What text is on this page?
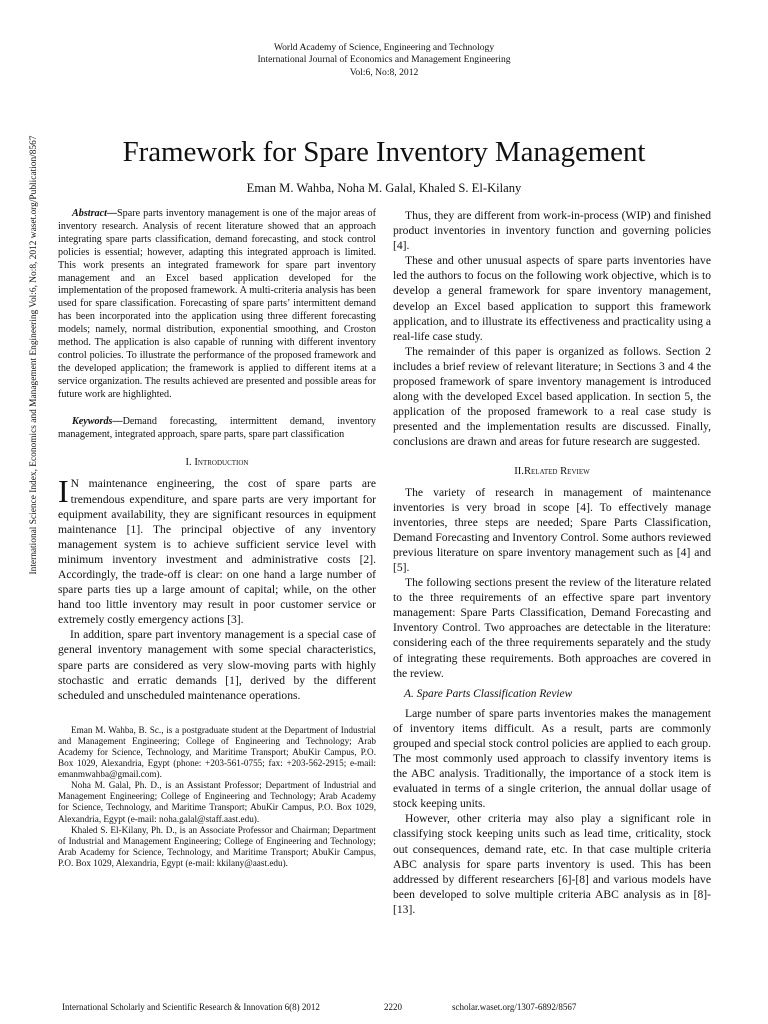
World Academy of Science, Engineering and Technology
International Journal of Economics and Management Engineering
Vol:6, No:8, 2012
Framework for Spare Inventory Management
Eman M. Wahba, Noha M. Galal, Khaled S. El-Kilany
International Science Index, Economics and Management Engineering Vol:6, No:8, 2012 waset.org/Publication/8567	Abstract—Spare parts inventory management is one of the major areas of inventory research. Analysis of recent literature showed that an approach integrating spare parts classification, demand forecasting, and stock control policies is essential; however, adapting this integrated approach is limited. This work presents an integrated framework for spare part inventory management and an Excel based application developed for the implementation of the proposed framework. A multi-criteria analysis has been used for spare classification. Forecasting of spare parts’ intermittent demand has been incorporated into the application using three different forecasting models; namely, normal distribution, exponential smoothing, and Croston method. The application is also capable of running with different inventory control policies. To illustrate the performance of the proposed framework and the developed application; the framework is applied to different items at a service organization. The results achieved are presented and possible areas for future work are highlighted.

Keywords—Demand forecasting, intermittent demand, inventory management, integrated approach, spare parts, spare part classification

I. Introduction

I N maintenance engineering, the cost of spare parts are tremendous expenditure, and spare parts are very important for equipment availability, they are significant resources in equipment maintenance [1]. The principal objective of any inventory management system is to achieve sufficient service level with minimum inventory investment and administrative costs [2]. Accordingly, the trade-off is clear: on one hand a large number of spare parts ties up a large amount of capital; while, on the other hand too little inventory may result in poor customer service or extremely costly emergency actions [3].

In addition, spare part inventory management is a special case of general inventory management with some special characteristics, spare parts are considered as very slow-moving parts with highly stochastic and erratic demands [1], derived by the different scheduled and unscheduled maintenance operations.

Eman M. Wahba, B. Sc., is a postgraduate student at the Department of Industrial and Management Engineering; College of Engineering and Technology; Arab Academy for Science, Technology, and Maritime Transport; AbuKir Campus, P.O. Box 1029, Alexandria, Egypt (phone: +203-561-0755; fax: +203-562-2915; e-mail: emanmwahba@gmail.com).

Noha M. Galal, Ph. D., is an Assistant Professor; Department of Industrial and Management Engineering; College of Engineering and Technology; Arab Academy for Science, Technology, and Maritime Transport; AbuKir Campus, P.O. Box 1029, Alexandria, Egypt (e-mail: noha.galal@staff.aast.edu).

Khaled S. El-Kilany, Ph. D., is an Associate Professor and Chairman; Department of Industrial and Management Engineering; College of Engineering and Technology; Arab Academy for Science, Technology, and Maritime Transport; AbuKir Campus, P.O. Box 1029, Alexandria, Egypt (e-mail: kkilany@aast.edu).

Thus, they are different from work-in-process (WIP) and finished product inventories in inventory function and governing policies [4].

These and other unusual aspects of spare parts inventories have led the authors to focus on the following work objective, which is to develop a general framework for spare inventory management, develop an Excel based application to support this framework application, and to illustrate its effectiveness and practicality using a real-life case study.

The remainder of this paper is organized as follows. Section 2 includes a brief review of relevant literature; in Sections 3 and 4 the proposed framework of spare inventory management is introduced along with the developed Excel based application. In section 5, the application of the proposed framework to a real case study is presented and the implementation results are discussed. Finally, conclusions are drawn and areas for future research are suggested.

II.Related Review

The variety of research in management of maintenance inventories is very broad in scope [4]. To effectively manage inventories, three steps are needed; Spare Parts Classification, Demand Forecasting and Inventory Control. Some authors reviewed previous literature on spare inventory management such as [4] and [5].

The following sections present the review of the literature related to the three requirements of an effective spare part inventory management: Spare Parts Classification, Demand Forecasting and Inventory Control. Two approaches are detectable in the literature: considering each of the three requirements separately and the study of integrating these requirements. Both approaches are covered in the review.

A. Spare Parts Classification Review

Large number of spare parts inventories makes the management of inventory items difficult. As a result, parts are commonly grouped and special stock control policies are applied to each group. The most commonly used approach to classify inventory items is the ABC analysis. Traditionally, the importance of a stock item is evaluated in terms of a single criterion, the annual dollar usage of stock keeping units.

However, other criteria may also play a significant role in classifying stock keeping units such as lead time, criticality, stock out consequences, demand rate, etc. In that case multiple criteria ABC analysis for spare parts inventory is used. This has been addressed by different researchers [6]-[8] and various models have been developed to solve multiple criteria ABC analysis as in [8]-[13].

International Scholarly and Scientific Research & Innovation 6(8) 2012	2220	scholar.waset.org/1307-6892/8567
